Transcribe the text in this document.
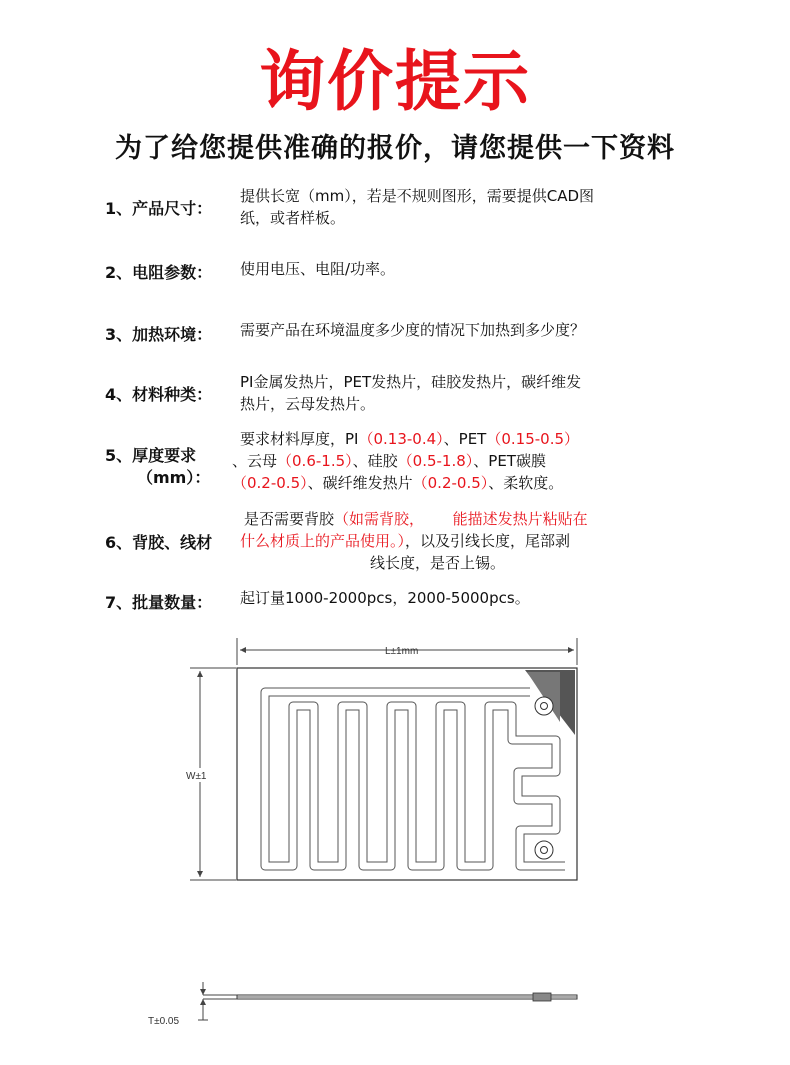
询价提示
为了给您提供准确的报价，请您提供一下资料
1、产品尺寸：
提供长宽（mm），若是不规则图形，需要提供CAD图
纸，或者样板。
2、电阻参数： 使用电压、电阻/功率。
3、加热环境： 需要产品在环境温度多少度的情况下加热到多少度？
4、材料种类：
PI金属发热片，PET发热片，硅胶发热片，碳纤维发
热片，云母发热片。
5、厚度要求
（mm）：
要求材料厚度，PI（0.13-0.4）、PET（0.15-0.5）
、云母（0.6-1.5）、硅胶（0.5-1.8）、PET碳膜
（0.2-0.5）、碳纤维发热片（0.2-0.5）、柔软度。
6、背胶、线材
是否需要背胶（如需背胶，      能描述发热片粘贴在
什么材质上的产品使用。），以及引线长度，尾部剥
线长度，是否上锡。
7、批量数量： 起订量1000-2000pcs，2000-5000pcs。
L±1mm
W±1
T±0.05
